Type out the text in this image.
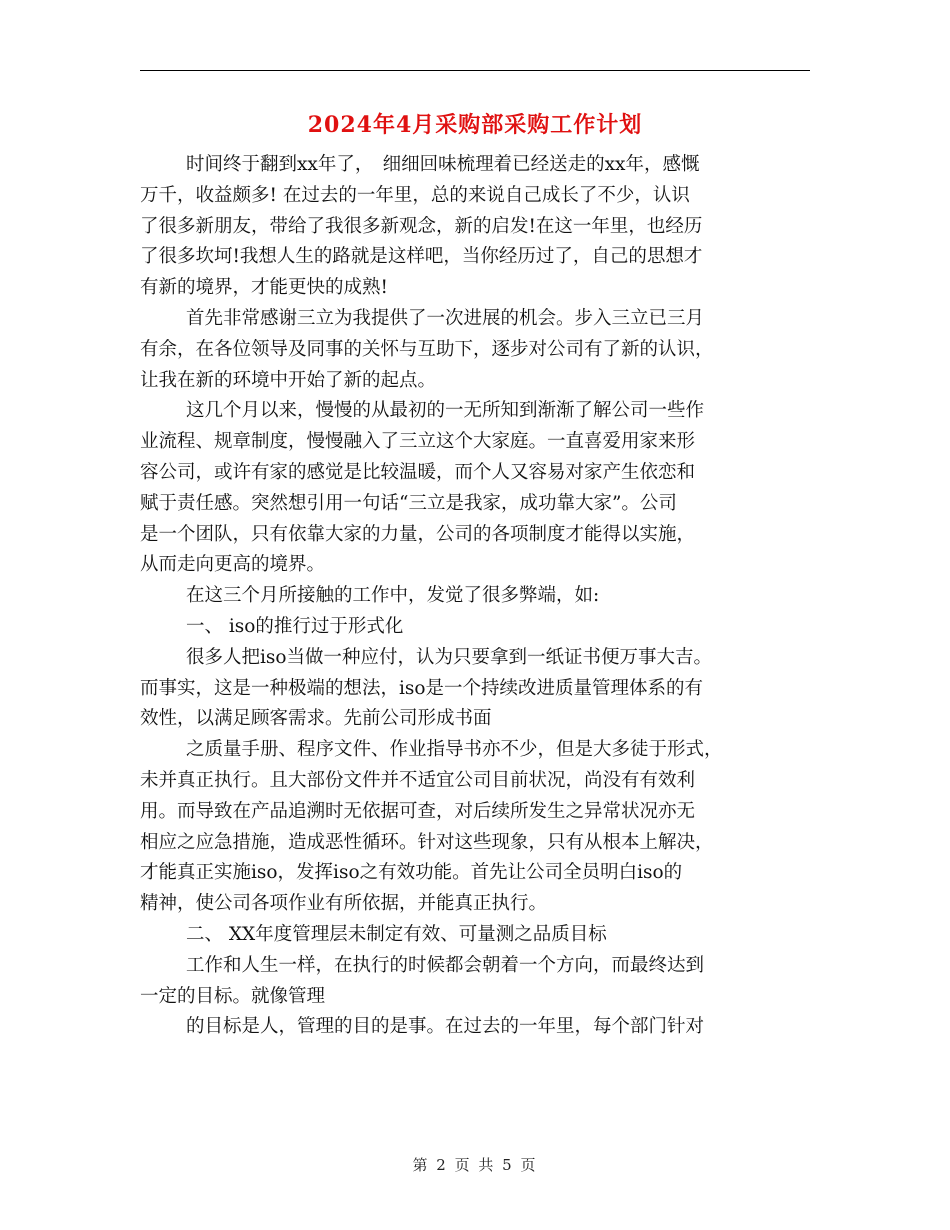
2024年4月采购部采购工作计划
时间终于翻到xx年了，　细细回味梳理着已经送走的xx年，感慨
万千，收益颇多! 在过去的一年里，总的来说自己成长了不少，认识
了很多新朋友，带给了我很多新观念，新的启发!在这一年里，也经历
了很多坎坷!我想人生的路就是这样吧，当你经历过了，自己的思想才
有新的境界，才能更快的成熟!
首先非常感谢三立为我提供了一次进展的机会。步入三立已三月
有余，在各位领导及同事的关怀与互助下，逐步对公司有了新的认识，
让我在新的环境中开始了新的起点。
这几个月以来，慢慢的从最初的一无所知到渐渐了解公司一些作
业流程、规章制度，慢慢融入了三立这个大家庭。一直喜爱用家来形
容公司，或许有家的感觉是比较温暖，而个人又容易对家产生依恋和
赋于责任感。突然想引用一句话“三立是我家，成功靠大家”。公司
是一个团队，只有依靠大家的力量，公司的各项制度才能得以实施，
从而走向更高的境界。
在这三个月所接触的工作中，发觉了很多弊端，如:
一、 iso的推行过于形式化
很多人把iso当做一种应付，认为只要拿到一纸证书便万事大吉。
而事实，这是一种极端的想法，iso是一个持续改进质量管理体系的有
效性，以满足顾客需求。先前公司形成书面
之质量手册、程序文件、作业指导书亦不少，但是大多徒于形式，
未并真正执行。且大部份文件并不适宜公司目前状况，尚没有有效利
用。而导致在产品追溯时无依据可查，对后续所发生之异常状况亦无
相应之应急措施，造成恶性循环。针对这些现象，只有从根本上解决，
才能真正实施iso，发挥iso之有效功能。首先让公司全员明白iso的
精神，使公司各项作业有所依据，并能真正执行。
二、 XX年度管理层未制定有效、可量测之品质目标
工作和人生一样，在执行的时候都会朝着一个方向，而最终达到
一定的目标。就像管理
的目标是人，管理的目的是事。在过去的一年里，每个部门针对
第 2 页 共 5 页
